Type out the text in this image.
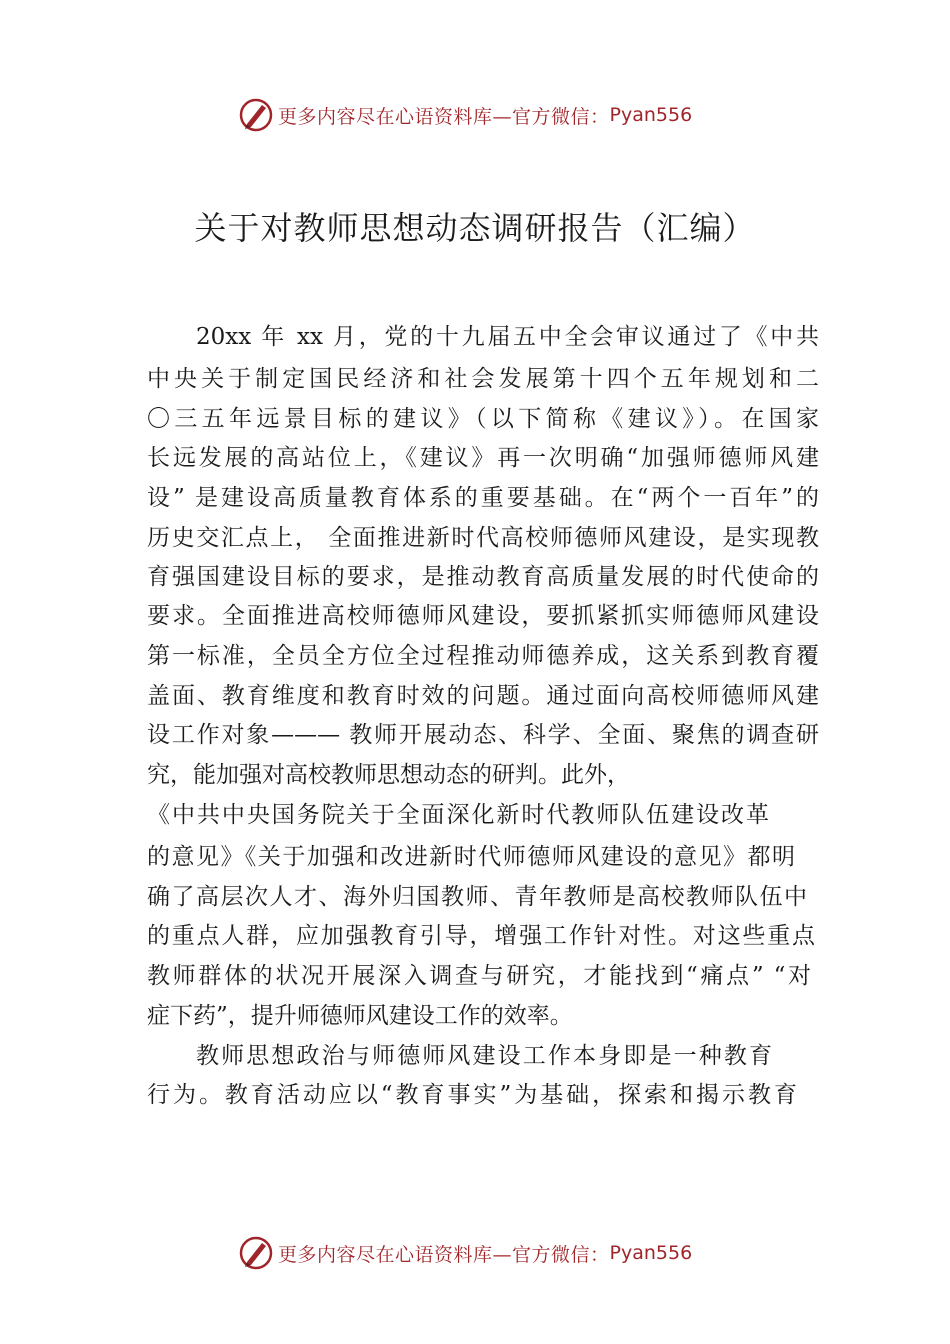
更多内容尽在心语资料库—官方微信： Pyan556
关于对教师思想动态调研报告（汇编）
20xx 年 xx 月，党的十九届五中全会审议通过了《中共
中央关于制定国民经济和社会发展第十四个五年规划和二
〇三五年远景目标的建议》（以下简称《建议》）。在国家
长远发展的高站位上，《建议》再一次明确“加强师德师风建
设” 是建设高质量教育体系的重要基础。在“两个一百年”的
历史交汇点上， 全面推进新时代高校师德师风建设，是实现教
育强国建设目标的要求，是推动教育高质量发展的时代使命的
要求。全面推进高校师德师风建设，要抓紧抓实师德师风建设
第一标准，全员全方位全过程推动师德养成，这关系到教育覆
盖面、教育维度和教育时效的问题。通过面向高校师德师风建
设工作对象——— 教师开展动态、科学、全面、聚焦的调查研
究，能加强对高校教师思想动态的研判。此外，
《中共中央国务院关于全面深化新时代教师队伍建设改革
的意见》《关于加强和改进新时代师德师风建设的意见》都明
确了高层次人才、海外归国教师、青年教师是高校教师队伍中
的重点人群，应加强教育引导，增强工作针对性。对这些重点
教师群体的状况开展深入调查与研究，才能找到“痛点” “对
症下药”，提升师德师风建设工作的效率。
教师思想政治与师德师风建设工作本身即是一种教育
行为。教育活动应以“教育事实”为基础，探索和揭示教育
更多内容尽在心语资料库—官方微信： Pyan556
